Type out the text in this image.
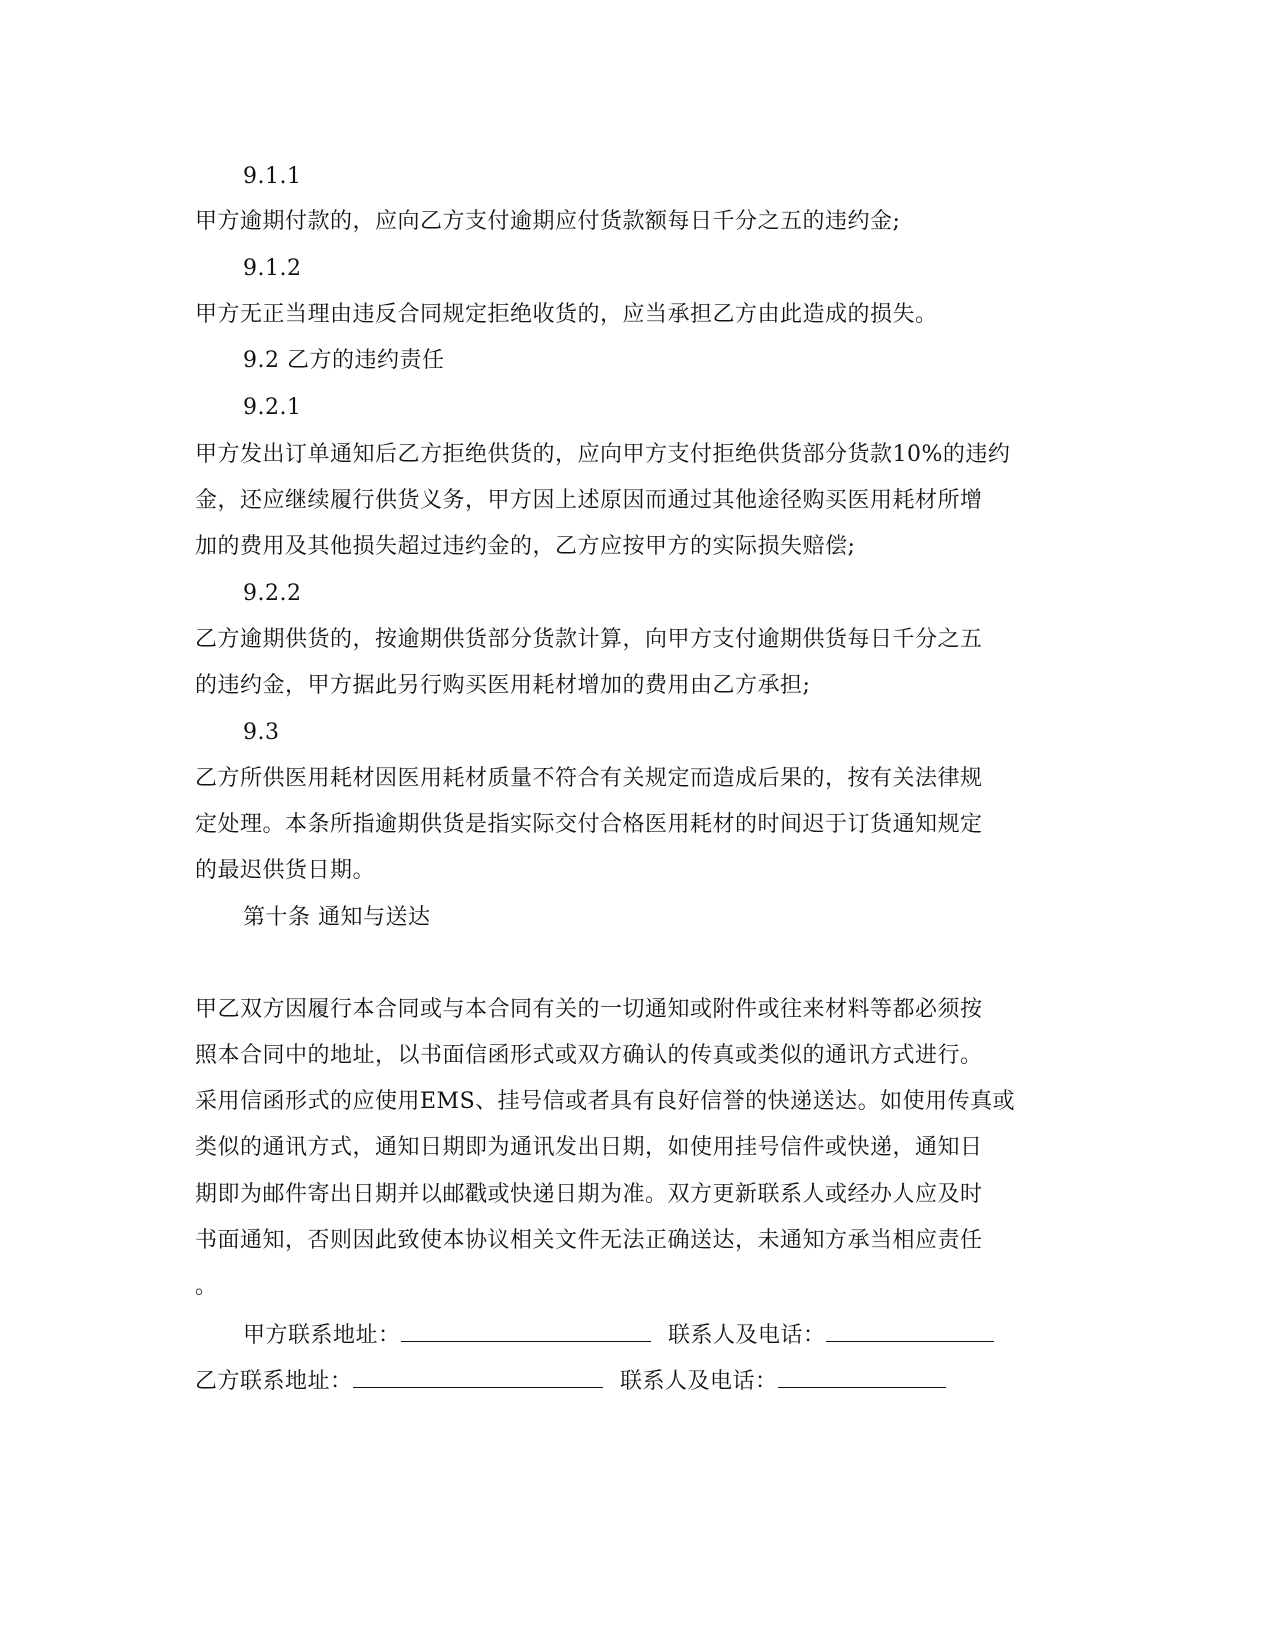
9.1.1
甲方逾期付款的，应向乙方支付逾期应付货款额每日千分之五的违约金;
9.1.2
甲方无正当理由违反合同规定拒绝收货的，应当承担乙方由此造成的损失。
9.2 乙方的违约责任
9.2.1
甲方发出订单通知后乙方拒绝供货的，应向甲方支付拒绝供货部分货款10%的违约
金，还应继续履行供货义务，甲方因上述原因而通过其他途径购买医用耗材所增
加的费用及其他损失超过违约金的，乙方应按甲方的实际损失赔偿;
9.2.2
乙方逾期供货的，按逾期供货部分货款计算，向甲方支付逾期供货每日千分之五
的违约金，甲方据此另行购买医用耗材增加的费用由乙方承担;
9.3
乙方所供医用耗材因医用耗材质量不符合有关规定而造成后果的，按有关法律规
定处理。本条所指逾期供货是指实际交付合格医用耗材的时间迟于订货通知规定
的最迟供货日期。
第十条 通知与送达
甲乙双方因履行本合同或与本合同有关的一切通知或附件或往来材料等都必须按
照本合同中的地址，以书面信函形式或双方确认的传真或类似的通讯方式进行。
采用信函形式的应使用EMS、挂号信或者具有良好信誉的快递送达。如使用传真或
类似的通讯方式，通知日期即为通讯发出日期，如使用挂号信件或快递，通知日
期即为邮件寄出日期并以邮戳或快递日期为准。双方更新联系人或经办人应及时
书面通知，否则因此致使本协议相关文件无法正确送达，未通知方承当相应责任
。
甲方联系地址：	联系人及电话：
乙方联系地址：	联系人及电话：
